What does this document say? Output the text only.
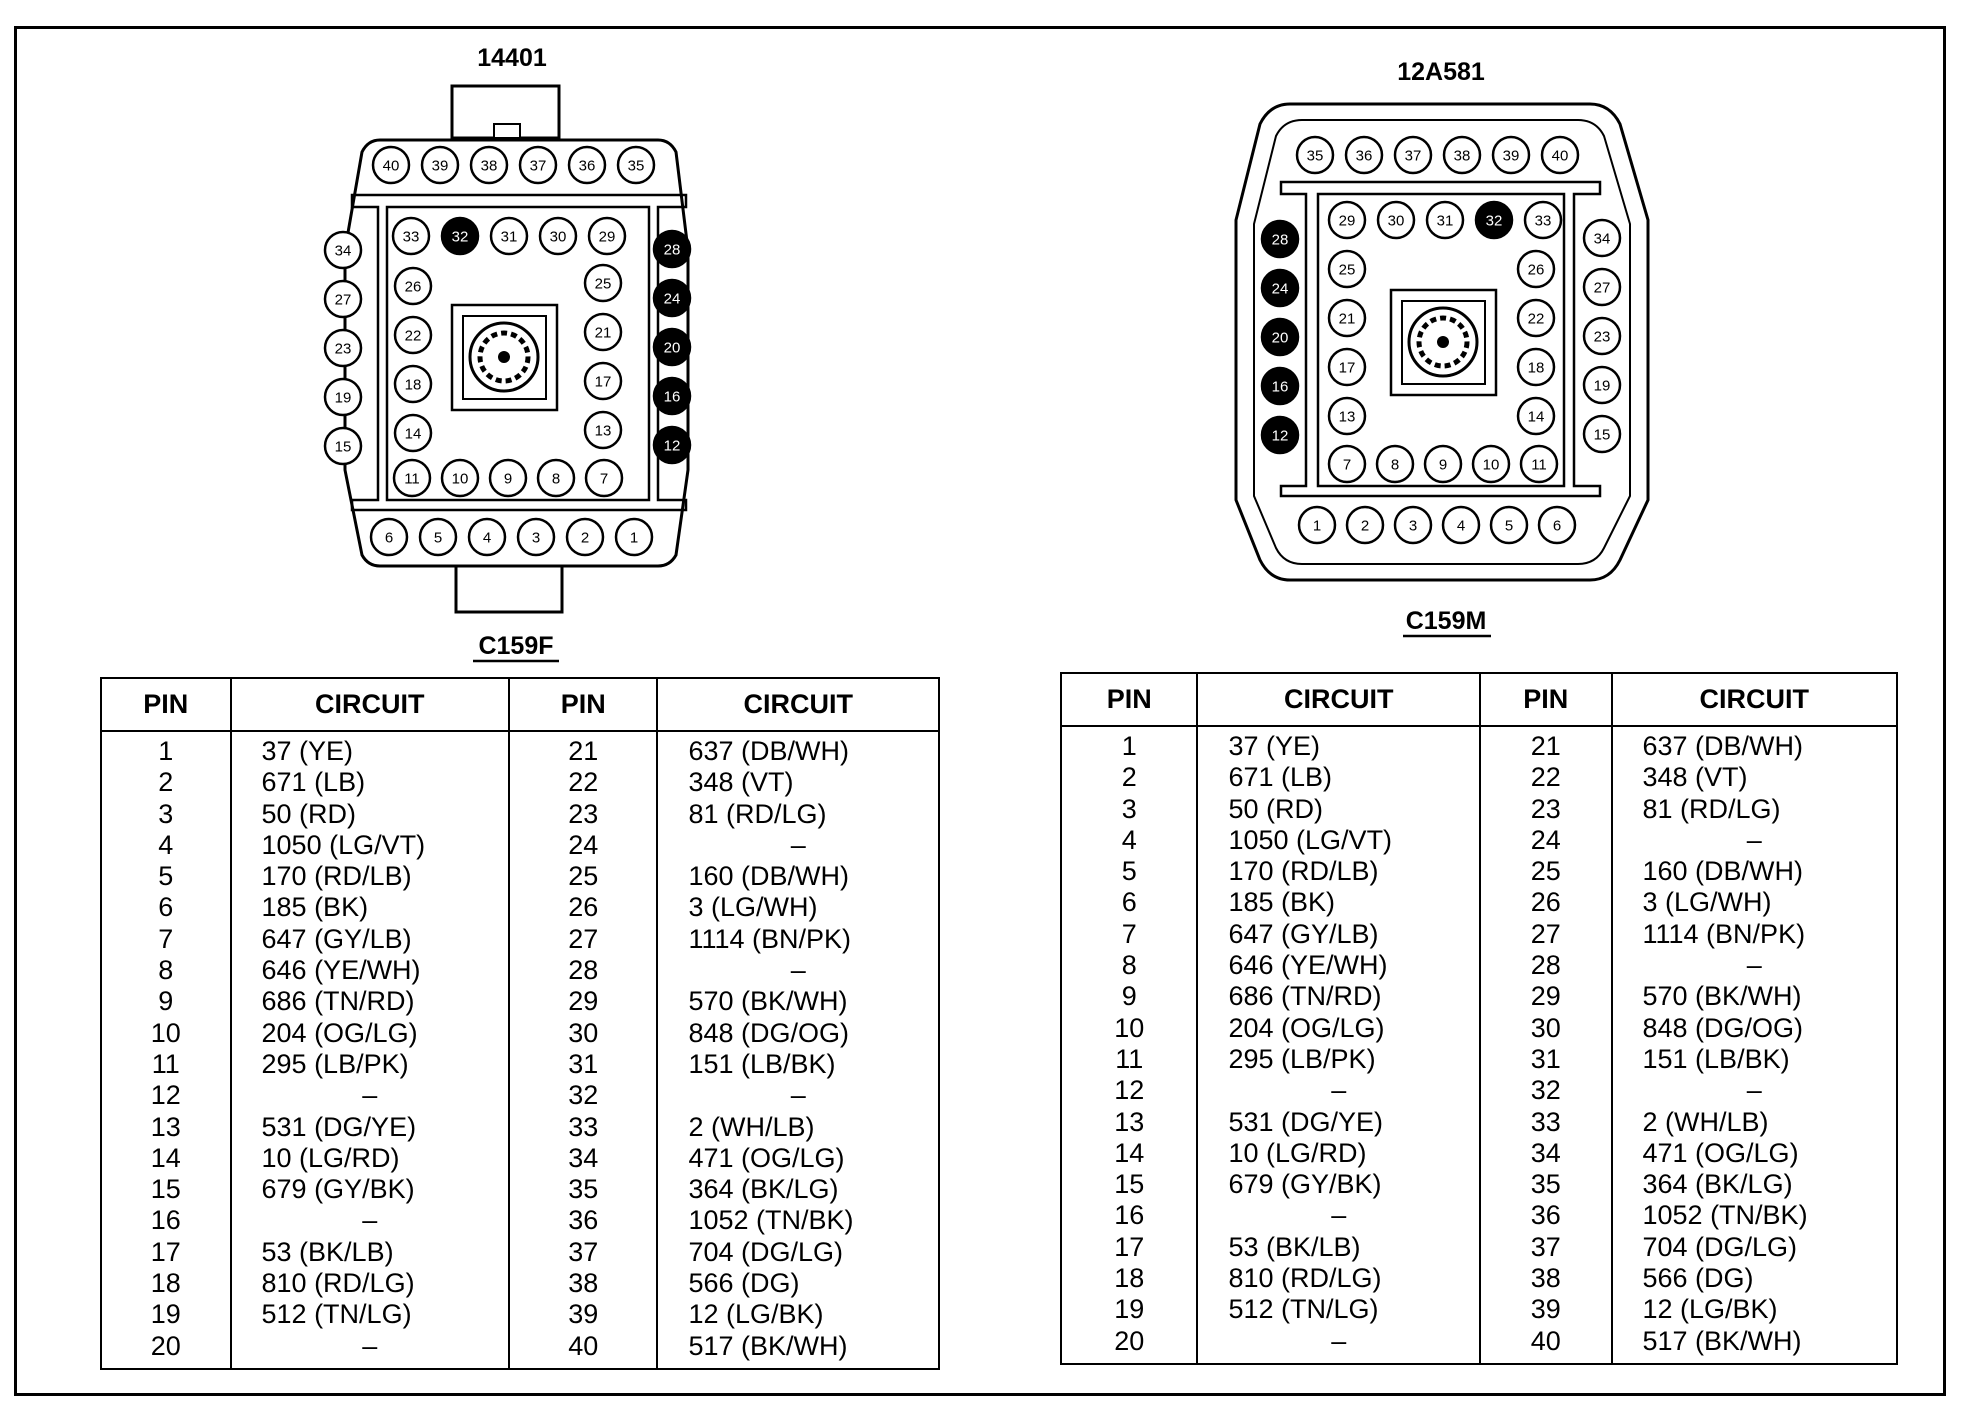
14401
40 39 38 37 36 35
33 32 31 30 29
26
22
18
14
25
21
17
13
11 10 9	8	7
34
27
23
19
15
28
24
20
16
12
6	5	4	3	2	1
C159F
12A581
35 36 37 38 39 40
29 30 31 32 33
25
21
17
13
26
22
18
14
7	8	9 10 11
28
24
20
16
12
34
27
23
19
15
1	2	3	4	5	6
C159M
PIN	CIRCUIT	PIN	CIRCUIT
1	37 (YE)	21	637 (DB/WH)
2	671 (LB)	22	348 (VT)
3	50 (RD)	23	81 (RD/LG)
4	1050 (LG/VT)	24	–
5	170 (RD/LB)	25	160 (DB/WH)
6	185 (BK)	26	3 (LG/WH)
7	647 (GY/LB)	27	1114 (BN/PK)
8	646 (YE/WH)	28	–
9	686 (TN/RD)	29	570 (BK/WH)
10	204 (OG/LG)	30	848 (DG/OG)
11	295 (LB/PK)	31	151 (LB/BK)
12	–	32	–
13	531 (DG/YE)	33	2 (WH/LB)
14	10 (LG/RD)	34	471 (OG/LG)
15	679 (GY/BK)	35	364 (BK/LG)
16	–	36	1052 (TN/BK)
17	53 (BK/LB)	37	704 (DG/LG)
18	810 (RD/LG)	38	566 (DG)
19	512 (TN/LG)	39	12 (LG/BK)
20	–	40	517 (BK/WH)
PIN	CIRCUIT	PIN	CIRCUIT
1	37 (YE)	21	637 (DB/WH)
2	671 (LB)	22	348 (VT)
3	50 (RD)	23	81 (RD/LG)
4	1050 (LG/VT)	24	–
5	170 (RD/LB)	25	160 (DB/WH)
6	185 (BK)	26	3 (LG/WH)
7	647 (GY/LB)	27	1114 (BN/PK)
8	646 (YE/WH)	28	–
9	686 (TN/RD)	29	570 (BK/WH)
10	204 (OG/LG)	30	848 (DG/OG)
11	295 (LB/PK)	31	151 (LB/BK)
12	–	32	–
13	531 (DG/YE)	33	2 (WH/LB)
14	10 (LG/RD)	34	471 (OG/LG)
15	679 (GY/BK)	35	364 (BK/LG)
16	–	36	1052 (TN/BK)
17	53 (BK/LB)	37	704 (DG/LG)
18	810 (RD/LG)	38	566 (DG)
19	512 (TN/LG)	39	12 (LG/BK)
20	–	40	517 (BK/WH)
